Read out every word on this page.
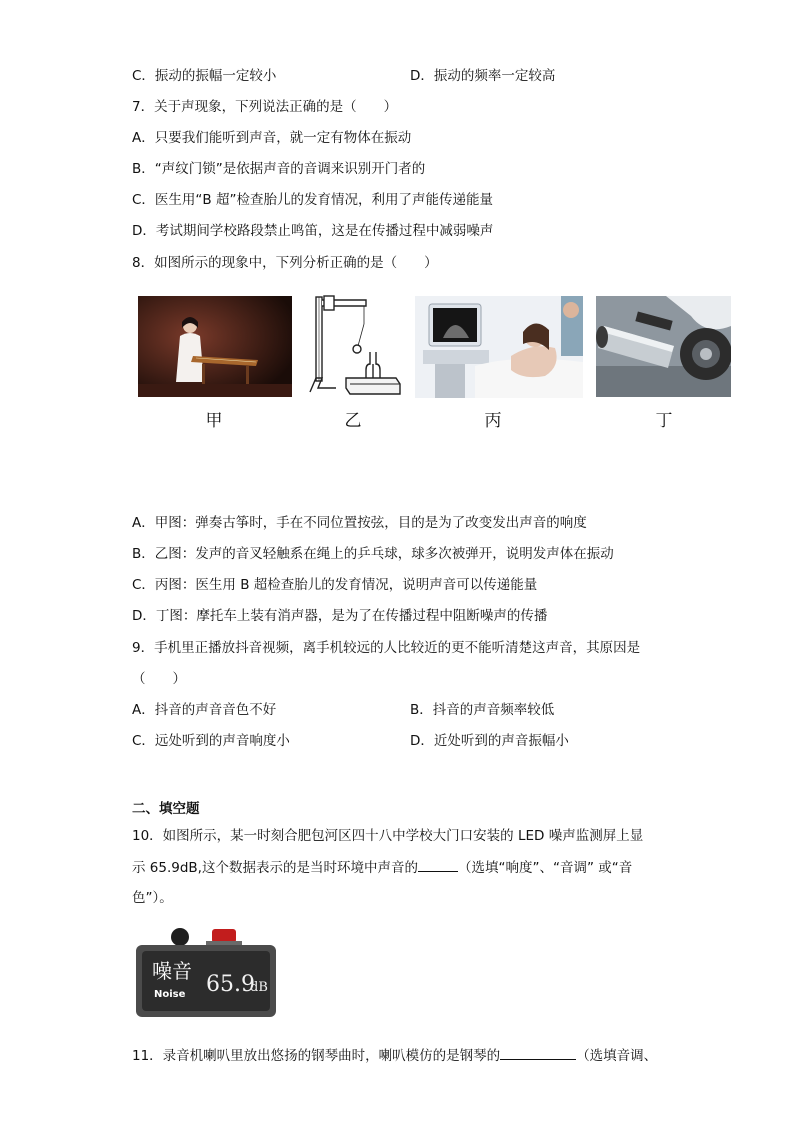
C．振动的振幅一定较小	D．振动的频率一定较高
7．关于声现象，下列说法正确的是（　　）
A．只要我们能听到声音，就一定有物体在振动
B．“声纹门锁”是依据声音的音调来识别开门者的
C．医生用“B 超”检查胎儿的发育情况，利用了声能传递能量
D．考试期间学校路段禁止鸣笛，这是在传播过程中减弱噪声
8．如图所示的现象中，下列分析正确的是（　　）
甲	乙	丙	丁
A．甲图：弹奏古筝时，手在不同位置按弦，目的是为了改变发出声音的响度
B．乙图：发声的音叉轻触系在绳上的乒乓球，球多次被弹开，说明发声体在振动
C．丙图：医生用 B 超检查胎儿的发育情况，说明声音可以传递能量
D．丁图：摩托车上装有消声器，是为了在传播过程中阻断噪声的传播
9．手机里正播放抖音视频，离手机较远的人比较近的更不能听清楚这声音，其原因是
（　　）
A．抖音的声音音色不好	B．抖音的声音频率较低
C．远处听到的声音响度小	D．近处听到的声音振幅小
二、填空题
10．如图所示，某一时刻合肥包河区四十八中学校大门口安装的 LED 噪声监测屏上显
示 65.9dB,这个数据表示的是当时环境中声音的	（选填“响度”、“音调” 或“音
色”）。
噪音
Noise 65.9
dB
11．录音机喇叭里放出悠扬的钢琴曲时，喇叭模仿的是钢琴的	（选填音调、
